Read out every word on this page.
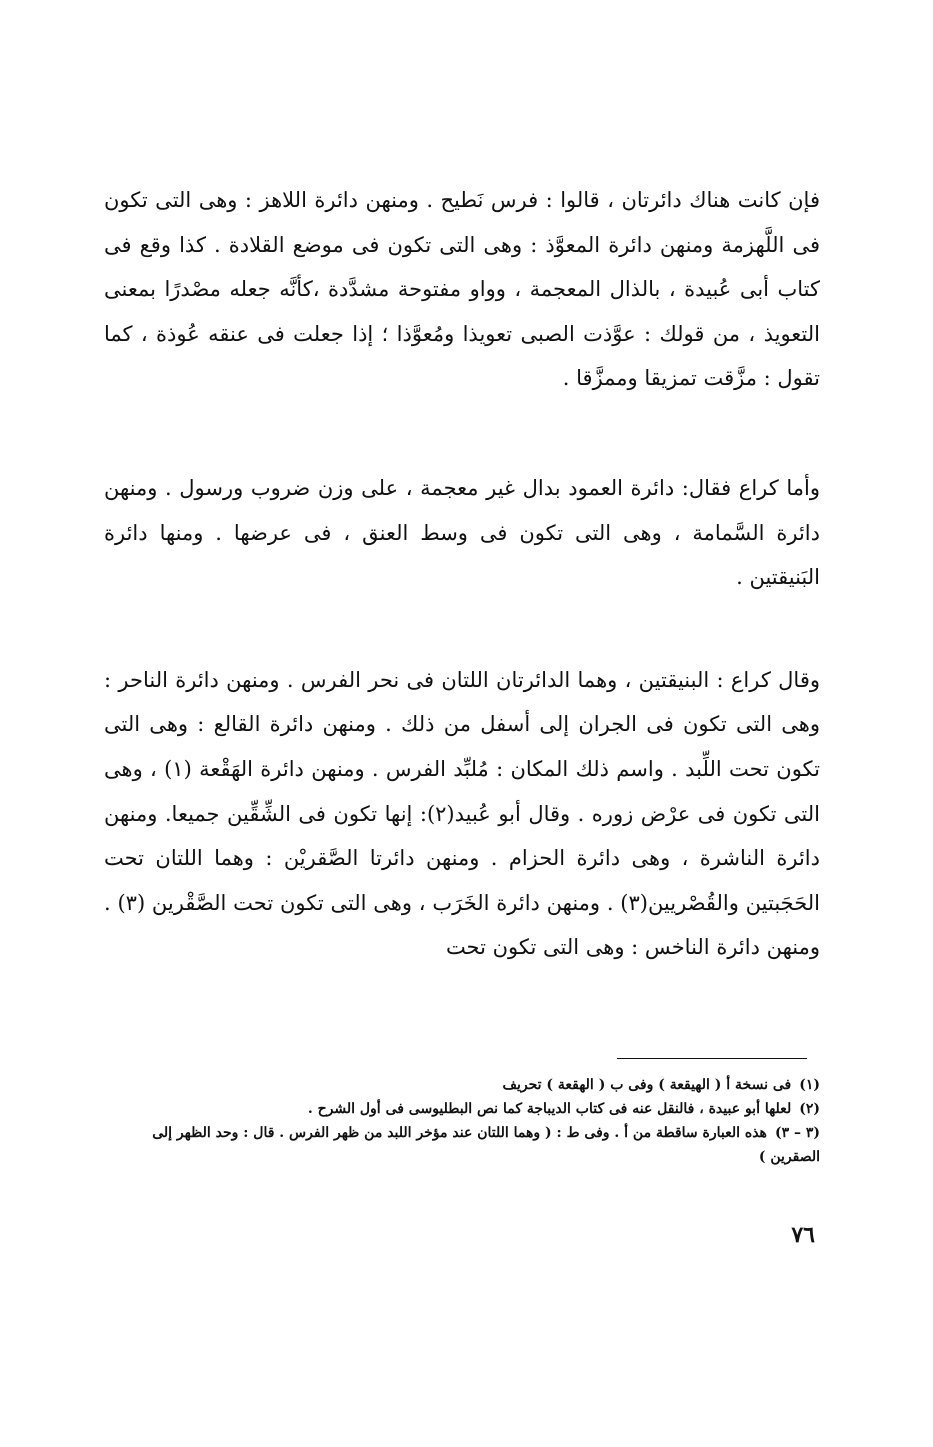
فإن كانت هناك دائرتان ، قالوا : فرس نَطيح . ومنهن دائرة اللاهز : وهى التى تكون فى اللَّهزمة ومنهن دائرة المعوَّذ : وهى التى تكون فى موضع القلادة . كذا وقع فى كتاب أبى عُبيدة ، بالذال المعجمة ، وواو مفتوحة مشدَّدة ،كأنَّه جعله مصْدرًا بمعنى التعويذ ، من قولك : عوَّذت الصبى تعويذا ومُعوَّذا ؛ إذا جعلت فى عنقه عُوذة ، كما تقول : مزَّقت تمزيقا وممزَّقا .

وأما كراع فقال: دائرة العمود بدال غير معجمة ، على وزن ضروب ورسول . ومنهن دائرة السَّمامة ، وهى التى تكون فى وسط العنق ، فى عرضها . ومنها دائرة البَنيقتين .

وقال كراع : البنيقتين ، وهما الدائرتان اللتان فى نحر الفرس . ومنهن دائرة الناحر : وهى التى تكون فى الجران إلى أسفل من ذلك . ومنهن دائرة القالع : وهى التى تكون تحت اللِّبد . واسم ذلك المكان : مُلبِّد الفرس . ومنهن دائرة الهَقْعة (١) ، وهى التى تكون فى عرْض زوره . وقال أبو عُبيد(٢): إنها تكون فى الشِّقِّين جميعا. ومنهن دائرة الناشرة ، وهى دائرة الحزام . ومنهن دائرتا الصَّقريْن : وهما اللتان تحت الحَجَبتين والقُصْريين(٣) . ومنهن دائرة الخَرَب ، وهى التى تكون تحت الصَّقْرين (٣) . ومنهن دائرة الناخس : وهى التى تكون تحت

(١)فى نسخة أ ( الهيقعة ) وفى ب ( الهقعة ) تحريف

(٢)لعلها أبو عبيدة ، فالنقل عنه فى كتاب الديباجة كما نص البطليوسى فى أول الشرح .

(٣ – ٣)هذه العبارة ساقطة من أ . وفى ط : ( وهما اللتان عند مؤخر اللبد من ظهر الفرس . قال : وحد الظهر إلى الصقرين )

٧٦
